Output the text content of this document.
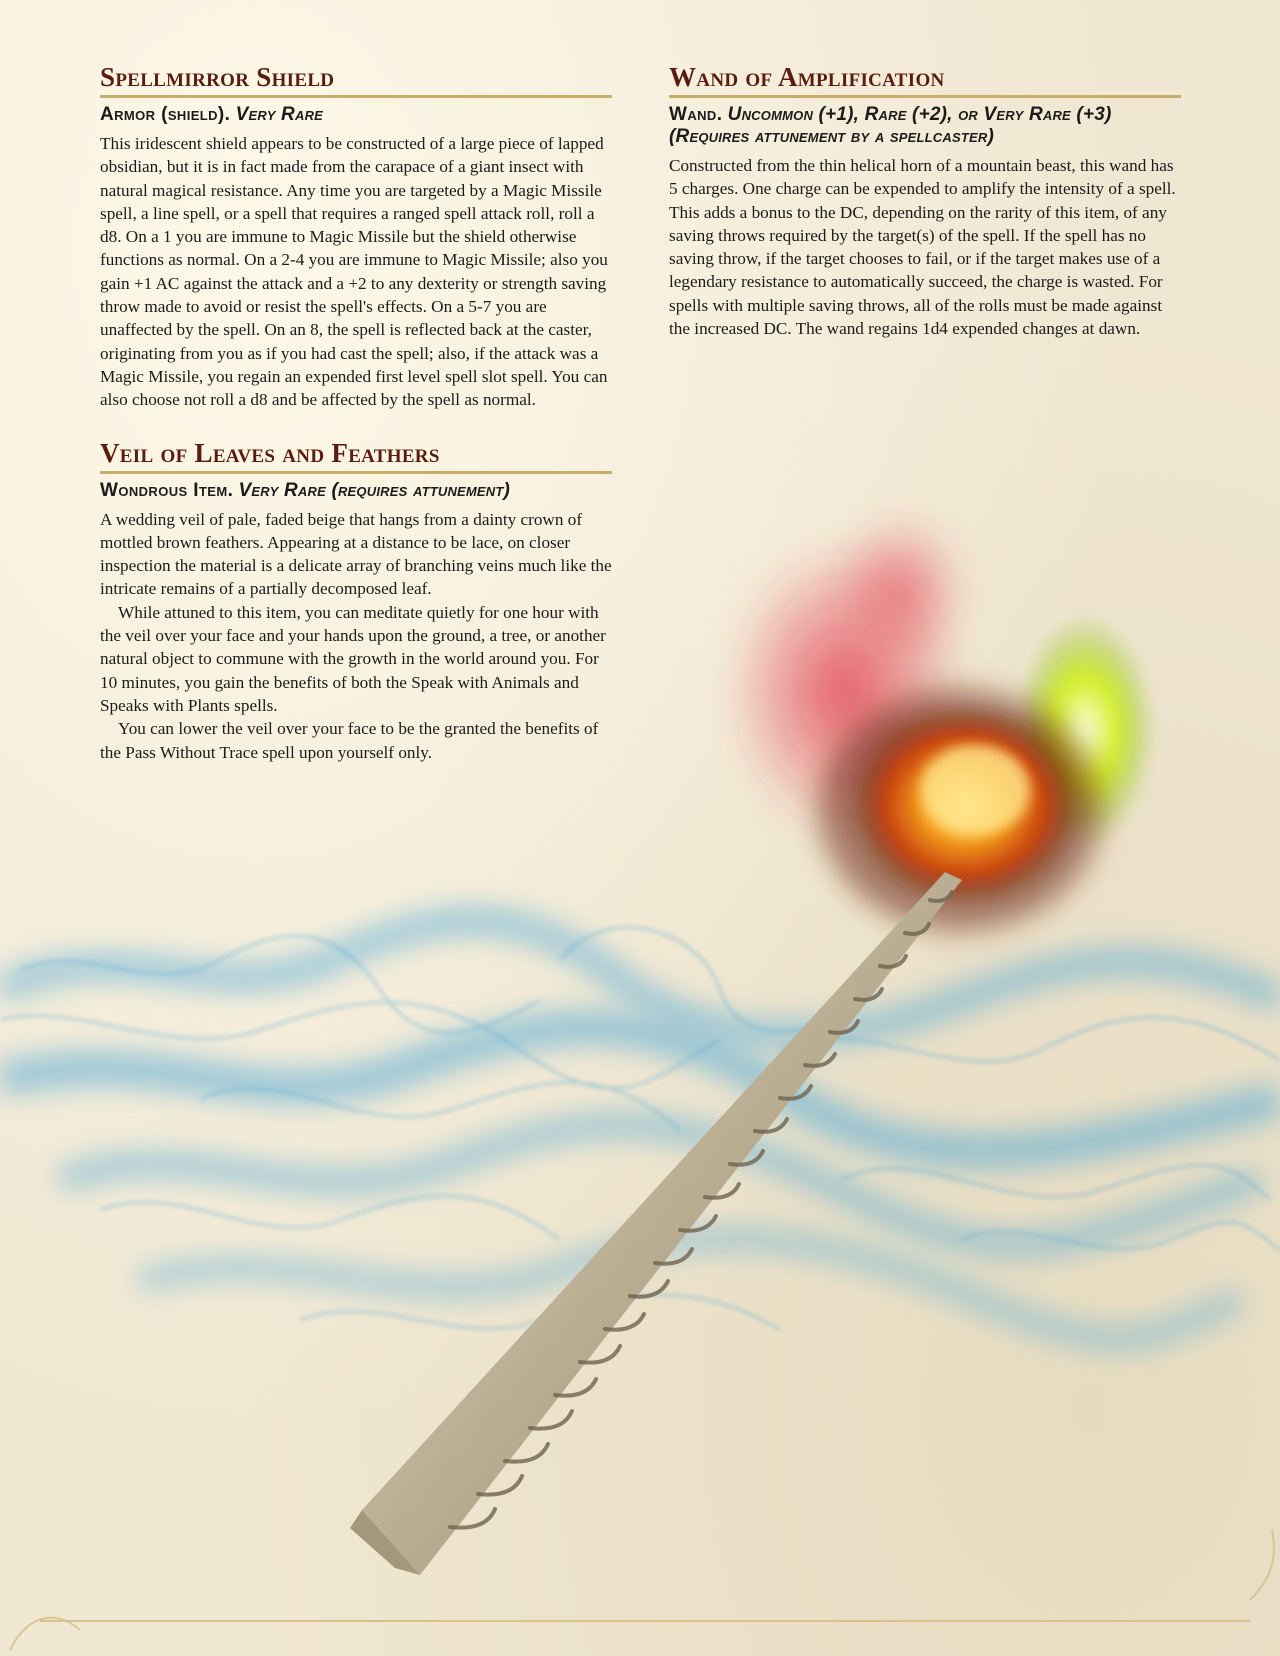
Spellmirror Shield
Armor (shield). Very Rare

This iridescent shield appears to be constructed of a large piece of lapped obsidian, but it is in fact made from the carapace of a giant insect with natural magical resistance. Any time you are targeted by a Magic Missile spell, a line spell, or a spell that requires a ranged spell attack roll, roll a d8. On a 1 you are immune to Magic Missile but the shield otherwise functions as normal. On a 2-4 you are immune to Magic Missile; also you gain +1 AC against the attack and a +2 to any dexterity or strength saving throw made to avoid or resist the spell's effects. On a 5-7 you are unaffected by the spell. On an 8, the spell is reflected back at the caster, originating from you as if you had cast the spell; also, if the attack was a Magic Missile, you regain an expended first level spell slot spell. You can also choose not roll a d8 and be affected by the spell as normal.

Veil of Leaves and Feathers
Wondrous Item. Very Rare (requires attunement)

A wedding veil of pale, faded beige that hangs from a dainty crown of mottled brown feathers. Appearing at a distance to be lace, on closer inspection the material is a delicate array of branching veins much like the intricate remains of a partially decomposed leaf.

While attuned to this item, you can meditate quietly for one hour with the veil over your face and your hands upon the ground, a tree, or another natural object to commune with the growth in the world around you. For 10 minutes, you gain the benefits of both the Speak with Animals and Speaks with Plants spells.

You can lower the veil over your face to be the granted the benefits of the Pass Without Trace spell upon yourself only.

Wand of Amplification
Wand. Uncommon (+1), Rare (+2), or Very Rare (+3) (Requires attunement by a spellcaster)

Constructed from the thin helical horn of a mountain beast, this wand has 5 charges. One charge can be expended to amplify the intensity of a spell. This adds a bonus to the DC, depending on the rarity of this item, of any saving throws required by the target(s) of the spell. If the spell has no saving throw, if the target chooses to fail, or if the target makes use of a legendary resistance to automatically succeed, the charge is wasted. For spells with multiple saving throws, all of the rolls must be made against the increased DC. The wand regains 1d4 expended changes at dawn.
